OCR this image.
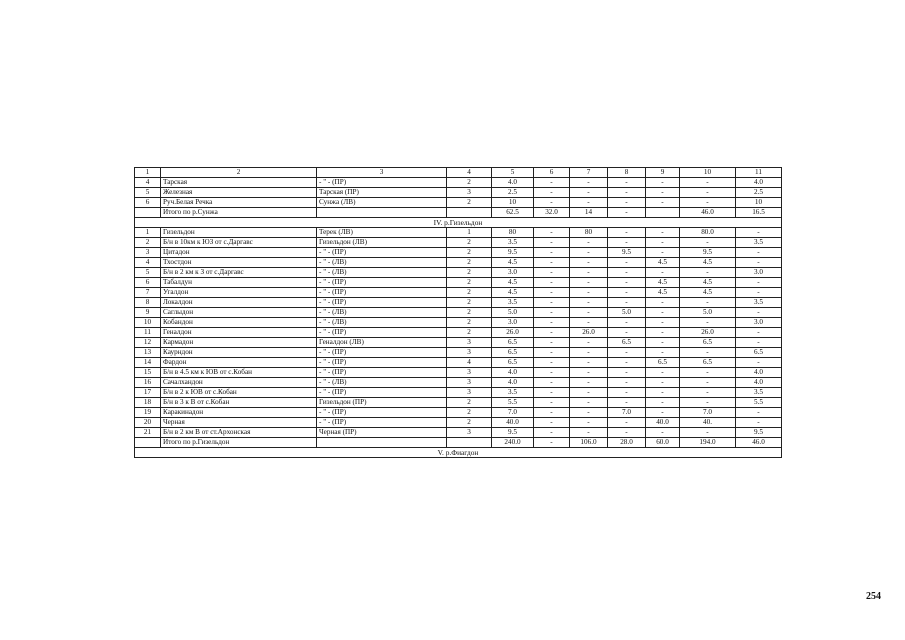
1	2	3	4	5	6	7	8	9	10	11
4	Тарская	- " - (ПР)	2	4.0	-	-	-	-	-	4.0
5	Железная	Тарская (ПР)	3	2.5	-	-	-	-	-	2.5
6	Руч.Белая Речка	Сунжа (ЛВ)	2	10	-	-	-	-	-	10
	Итого по р.Сунжа			62.5	32.0	14	-		46.0	16.5
IV. р.Гизельдон										
1	Гизельдон	Терек (ЛВ)	1	80	-	80	-	-	80.0	-
2	Б/н в 10км к ЮЗ от с.Даргавс	Гизельдон (ЛВ)	2	3.5	-	-	-	-	-	3.5
3	Цитадон	- " - (ПР)	2	9.5	-	-	9.5	-	9.5	-
4	Тхостдон	- " - (ЛВ)	2	4.5	-	-	-	4.5	4.5	-
5	Б/н в 2 км к З от с.Даргавс	- " - (ЛВ)	2	3.0	-	-	-	-	-	3.0
6	Табалдун	- " - (ПР)	2	4.5	-	-	-	4.5	4.5	-
7	Угалдон	- " - (ПР)	2	4.5	-	-	-	4.5	4.5	-
8	Локалдон	- " - (ПР)	2	3.5	-	-	-	-	-	3.5
9	Саглыдон	- " - (ЛВ)	2	5.0	-	-	5.0	-	5.0	-
10	Кобандон	- " - (ЛВ)	2	3.0	-	-	-	-	-	3.0
11	Геналдон	- " - (ПР)	2	26.0	-	26.0	-	-	26.0	-
12	Кармадон	Геналдон (ЛВ)	3	6.5	-	-	6.5	-	6.5	-
13	Каурндон	- " - (ПР)	3	6.5	-	-	-	-	-	6.5
14	Фардон	- " - (ПР)	4	6.5	-	-	-	6.5	6.5	-
15	Б/н в 4.5 км к ЮВ от с.Кобан	- " - (ПР)	3	4.0	-	-	-	-	-	4.0
16	Сачалхандон	- " - (ЛВ)	3	4.0	-	-	-	-	-	4.0
17	Б/н в 2 к ЮВ от с.Кобан	- " - (ПР)	3	3.5	-	-	-	-	-	3.5
18	Б/н в 3 к В от с.Кобан	Гизельдон (ПР)	2	5.5	-	-	-	-	-	5.5
19	Каракинадон	- " - (ПР)	2	7.0	-	-	7.0	-	7.0	-
20	Черная	- " - (ПР)	2	40.0	-	-	-	40.0	40.	-
21	Б/н в 2 км В от ст.Архонская	Черная (ПР)	3	9.5	-	-	-	-	-	9.5
	Итого по р.Гизельдон			240.0	-	106.0	28.0	60.0	194.0	46.0
V. р.Фиагдон										
254
